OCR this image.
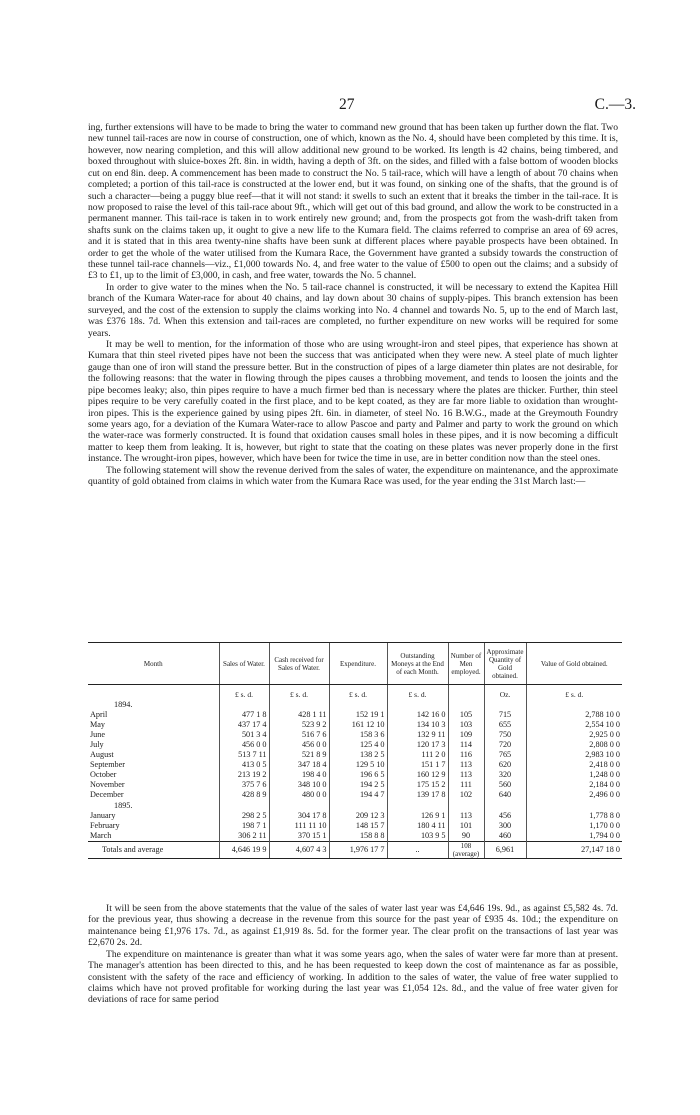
27	C.—3.

ing, further extensions will have to be made to bring the water to command new ground that has been taken up further down the flat. Two new tunnel tail-races are now in course of construction, one of which, known as the No. 4, should have been completed by this time. It is, however, now nearing completion, and this will allow additional new ground to be worked. Its length is 42 chains, being timbered, and boxed throughout with sluice-boxes 2ft. 8in. in width, having a depth of 3ft. on the sides, and filled with a false bottom of wooden blocks cut on end 8in. deep. A commencement has been made to construct the No. 5 tail-race, which will have a length of about 70 chains when completed; a portion of this tail-race is constructed at the lower end, but it was found, on sinking one of the shafts, that the ground is of such a character—being a puggy blue reef—that it will not stand: it swells to such an extent that it breaks the timber in the tail-race. It is now proposed to raise the level of this tail-race about 9ft., which will get out of this bad ground, and allow the work to be constructed in a permanent manner. This tail-race is taken in to work entirely new ground; and, from the prospects got from the wash-drift taken from shafts sunk on the claims taken up, it ought to give a new life to the Kumara field. The claims referred to comprise an area of 69 acres, and it is stated that in this area twenty-nine shafts have been sunk at different places where payable prospects have been obtained. In order to get the whole of the water utilised from the Kumara Race, the Government have granted a subsidy towards the construction of these tunnel tail-race channels—viz., £1,000 towards No. 4, and free water to the value of £500 to open out the claims; and a subsidy of £3 to £1, up to the limit of £3,000, in cash, and free water, towards the No. 5 channel.

In order to give water to the mines when the No. 5 tail-race channel is constructed, it will be necessary to extend the Kapitea Hill branch of the Kumara Water-race for about 40 chains, and lay down about 30 chains of supply-pipes. This branch extension has been surveyed, and the cost of the extension to supply the claims working into No. 4 channel and towards No. 5, up to the end of March last, was £376 18s. 7d. When this extension and tail-races are completed, no further expenditure on new works will be required for some years.

It may be well to mention, for the information of those who are using wrought-iron and steel pipes, that experience has shown at Kumara that thin steel riveted pipes have not been the success that was anticipated when they were new. A steel plate of much lighter gauge than one of iron will stand the pressure better. But in the construction of pipes of a large diameter thin plates are not desirable, for the following reasons: that the water in flowing through the pipes causes a throbbing movement, and tends to loosen the joints and the pipe becomes leaky; also, thin pipes require to have a much firmer bed than is necessary where the plates are thicker. Further, thin steel pipes require to be very carefully coated in the first place, and to be kept coated, as they are far more liable to oxidation than wrought-iron pipes. This is the experience gained by using pipes 2ft. 6in. in diameter, of steel No. 16 B.W.G., made at the Greymouth Foundry some years ago, for a deviation of the Kumara Water-race to allow Pascoe and party and Palmer and party to work the ground on which the water-race was formerly constructed. It is found that oxidation causes small holes in these pipes, and it is now becoming a difficult matter to keep them from leaking. It is, however, but right to state that the coating on these plates was never properly done in the first instance. The wrought-iron pipes, however, which have been for twice the time in use, are in better condition now than the steel ones.

The following statement will show the revenue derived from the sales of water, the expenditure on maintenance, and the approximate quantity of gold obtained from claims in which water from the Kumara Race was used, for the year ending the 31st March last:—

Month	Sales of Water.	Cash received for Sales of Water.	Expenditure.	Outstanding Moneys at the End of each Month.	Number of Men employed.	Approximate Quantity of Gold obtained.	Value of Gold obtained.
	£ s. d.	£ s. d.	£ s. d.	£ s. d.		Oz.	£ s. d.
1894.							
April	477 1 8	428 1 11	152 19 1	142 16 0	105	715	2,788 10 0
May	437 17 4	523 9 2	161 12 10	134 10 3	103	655	2,554 10 0
June	501 3 4	516 7 6	158 3 6	132 9 11	109	750	2,925 0 0
July	456 0 0	456 0 0	125 4 0	120 17 3	114	720	2,808 0 0
August	513 7 11	521 8 9	138 2 5	111 2 0	116	765	2,983 10 0
September	413 0 5	347 18 4	129 5 10	151 1 7	113	620	2,418 0 0
October	213 19 2	198 4 0	196 6 5	160 12 9	113	320	1,248 0 0
November	375 7 6	348 10 0	194 2 5	175 15 2	111	560	2,184 0 0
December	428 8 9	480 0 0	194 4 7	139 17 8	102	640	2,496 0 0
1895.							
January	298 2 5	304 17 8	209 12 3	126 9 1	113	456	1,778 8 0
February	198 7 1	111 11 10	148 15 7	180 4 11	101	300	1,170 0 0
March	306 2 11	370 15 1	158 8 8	103 9 5	90	460	1,794 0 0
Totals and average	4,646 19 9	4,607 4 3	1,976 17 7	..	108
(average)	6,961	27,147 18 0

It will be seen from the above statements that the value of the sales of water last year was £4,646 19s. 9d., as against £5,582 4s. 7d. for the previous year, thus showing a decrease in the revenue from this source for the past year of £935 4s. 10d.; the expenditure on maintenance being £1,976 17s. 7d., as against £1,919 8s. 5d. for the former year. The clear profit on the transactions of last year was £2,670 2s. 2d.

The expenditure on maintenance is greater than what it was some years ago, when the sales of water were far more than at present. The manager's attention has been directed to this, and he has been requested to keep down the cost of maintenance as far as possible, consistent with the safety of the race and efficiency of working. In addition to the sales of water, the value of free water supplied to claims which have not proved profitable for working during the last year was £1,054 12s. 8d., and the value of free water given for deviations of race for same period
